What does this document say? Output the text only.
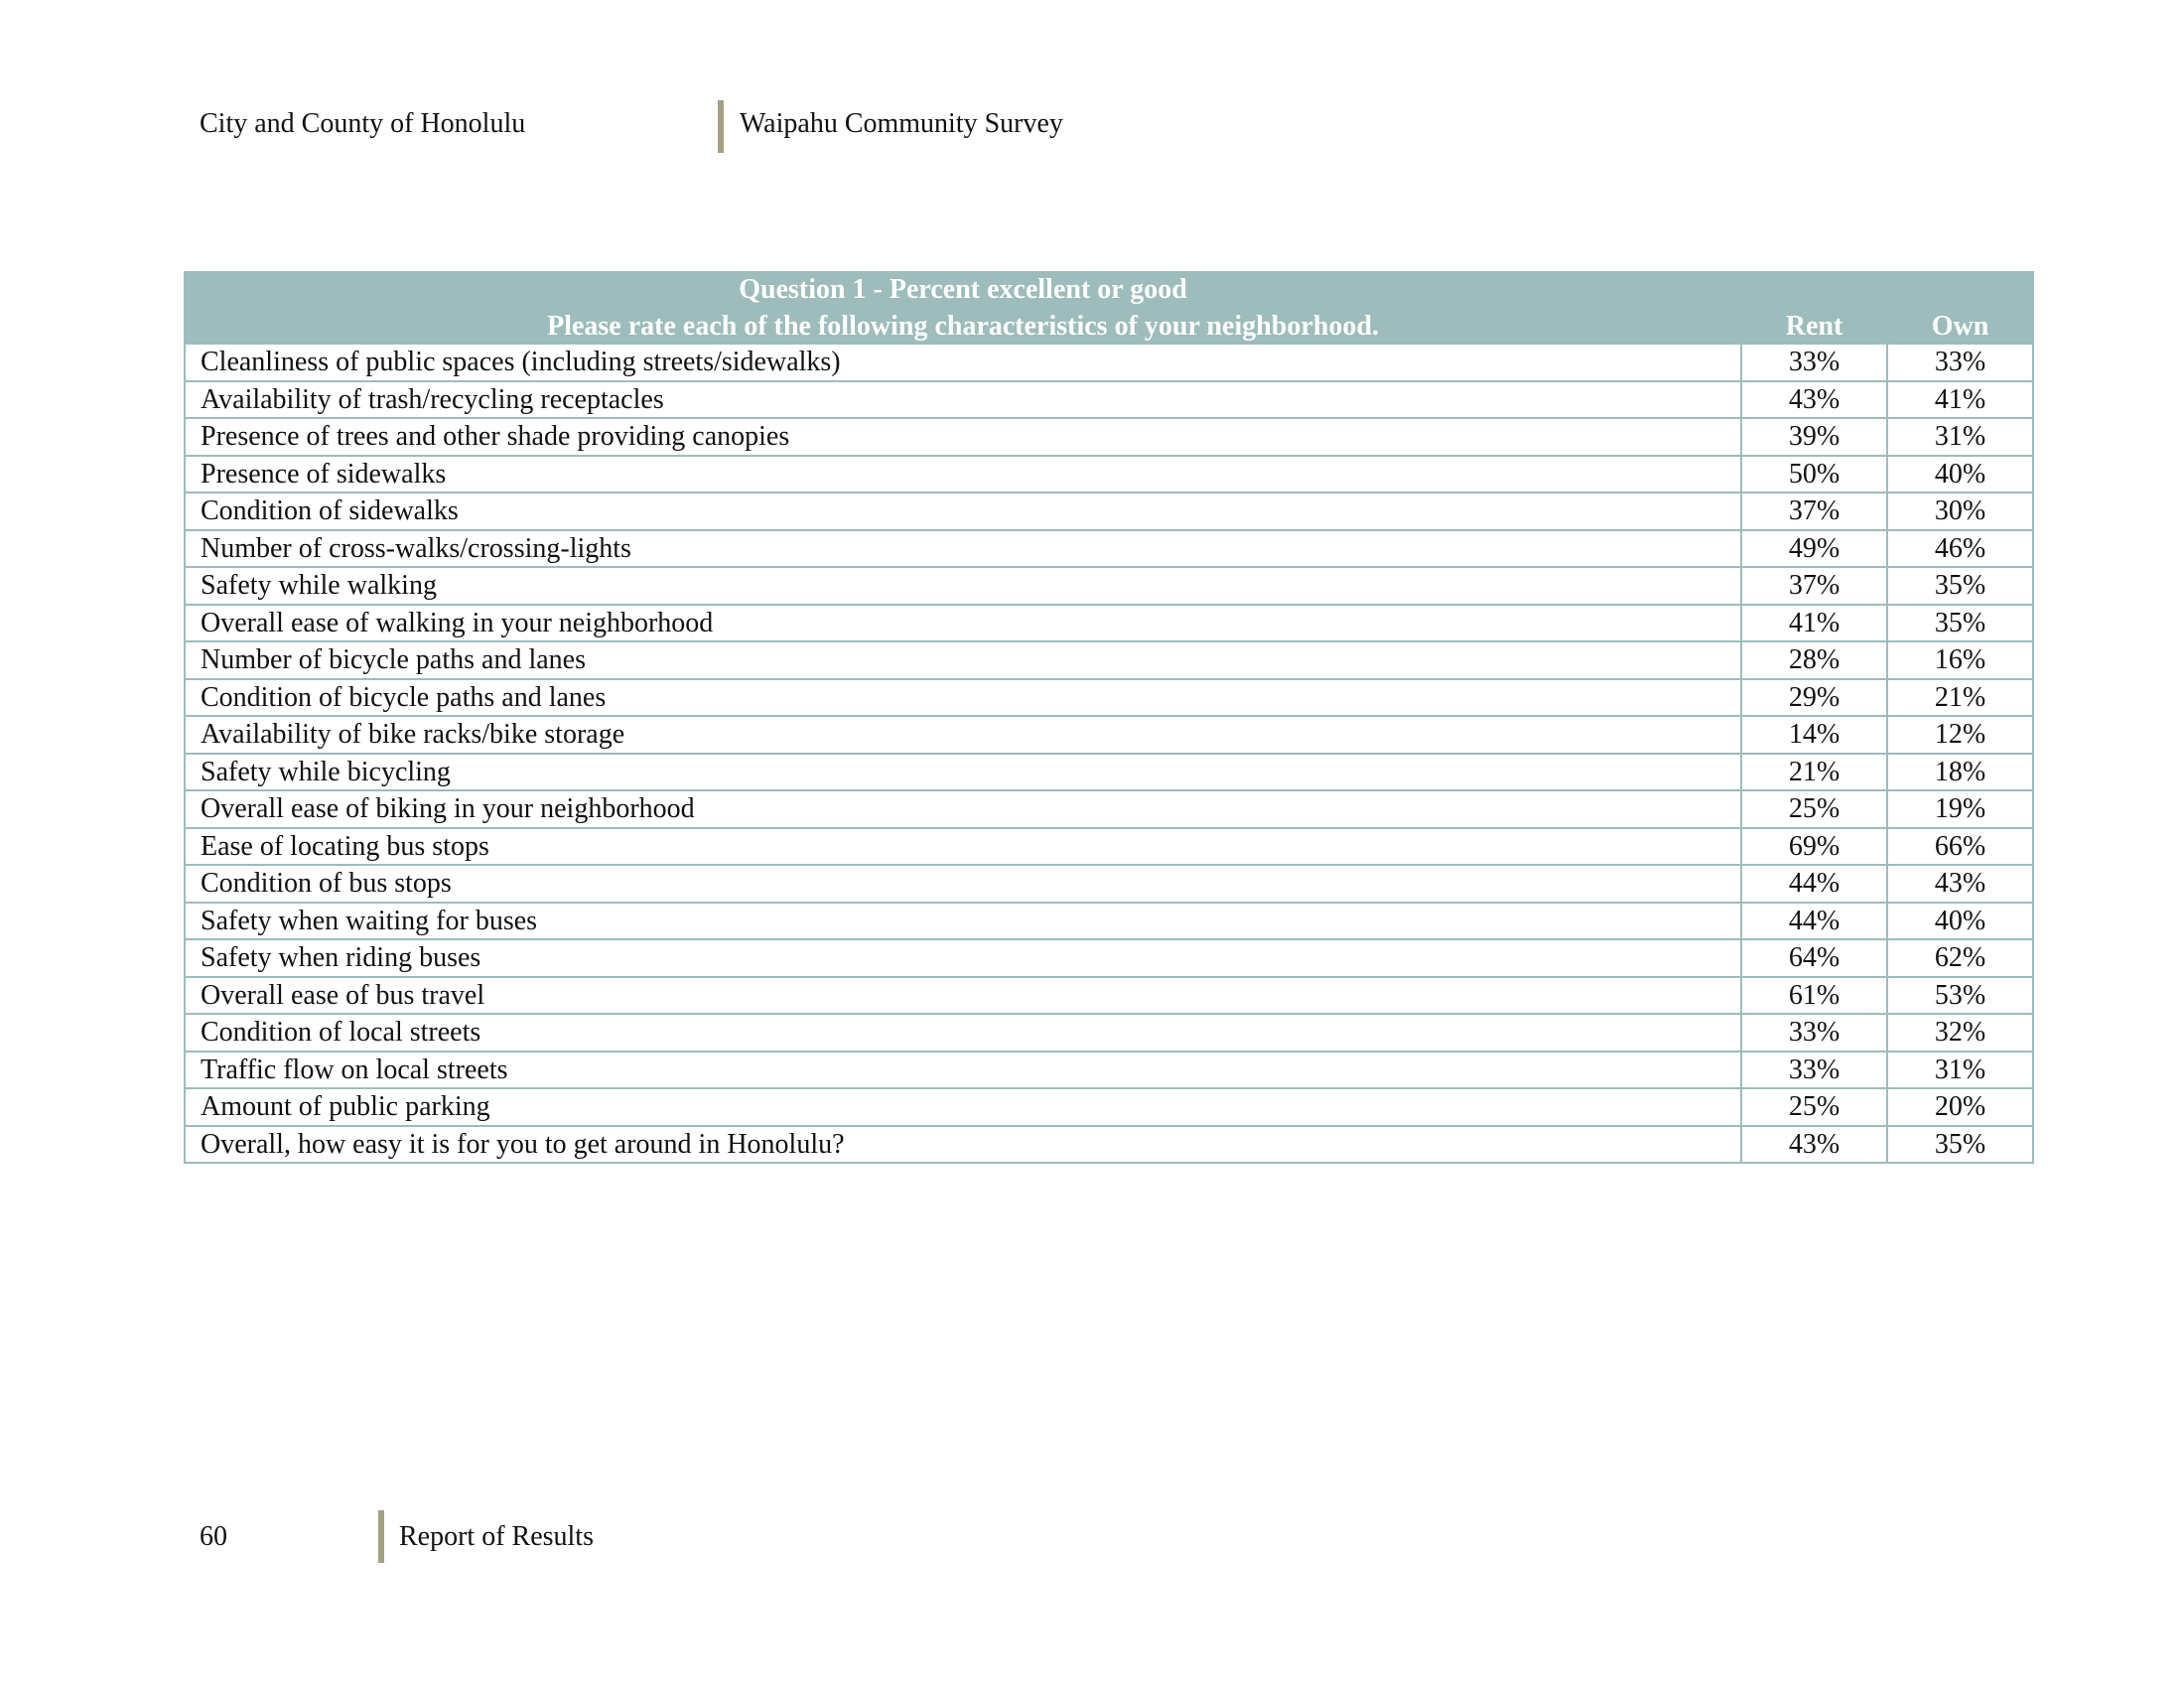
City and County of Honolulu	Waipahu Community Survey
Question 1 - Percent excellent or good
Please rate each of the following characteristics of your neighborhood.	Rent	Own
Cleanliness of public spaces (including streets/sidewalks)	33%	33%
Availability of trash/recycling receptacles	43%	41%
Presence of trees and other shade providing canopies	39%	31%
Presence of sidewalks	50%	40%
Condition of sidewalks	37%	30%
Number of cross-walks/crossing-lights	49%	46%
Safety while walking	37%	35%
Overall ease of walking in your neighborhood	41%	35%
Number of bicycle paths and lanes	28%	16%
Condition of bicycle paths and lanes	29%	21%
Availability of bike racks/bike storage	14%	12%
Safety while bicycling	21%	18%
Overall ease of biking in your neighborhood	25%	19%
Ease of locating bus stops	69%	66%
Condition of bus stops	44%	43%
Safety when waiting for buses	44%	40%
Safety when riding buses	64%	62%
Overall ease of bus travel	61%	53%
Condition of local streets	33%	32%
Traffic flow on local streets	33%	31%
Amount of public parking	25%	20%
Overall, how easy it is for you to get around in Honolulu?	43%	35%
60	Report of Results
